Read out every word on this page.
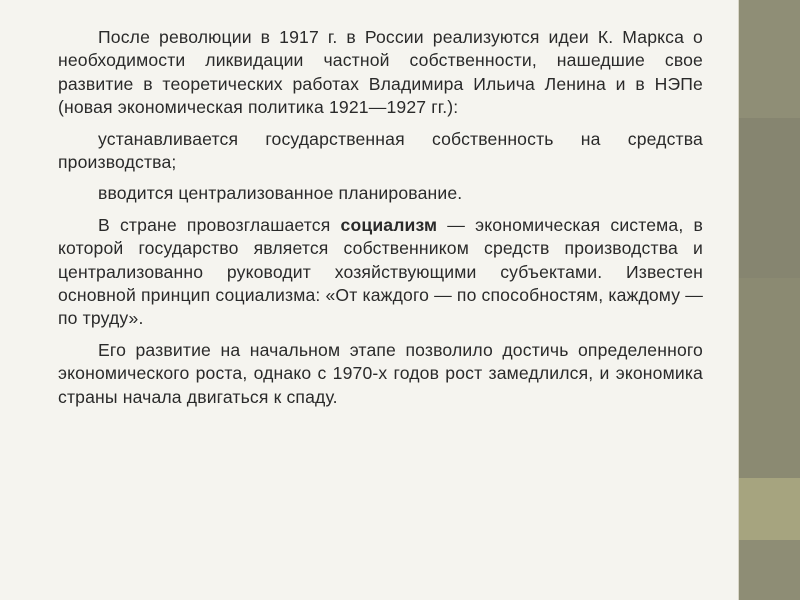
После революции в 1917 г. в России реализуются идеи К. Маркса о необходимости ликвидации частной собственности, нашедшие свое развитие в теоретических работах Владимира Ильича Ленина и в НЭПе (новая экономическая политика 1921—1927 гг.):

устанавливается государственная собственность на средства производства;

вводится централизованное планирование.

В стране провозглашается социализм — экономическая система, в которой государство является собственником средств производства и централизованно руководит хозяйствующими субъектами. Известен основной принцип социализма: «От каждого — по способностям, каждому — по труду».

Его развитие на начальном этапе позволило достичь определенного экономического роста, однако с 1970-х годов рост замедлился, и экономика страны начала двигаться к спаду.
